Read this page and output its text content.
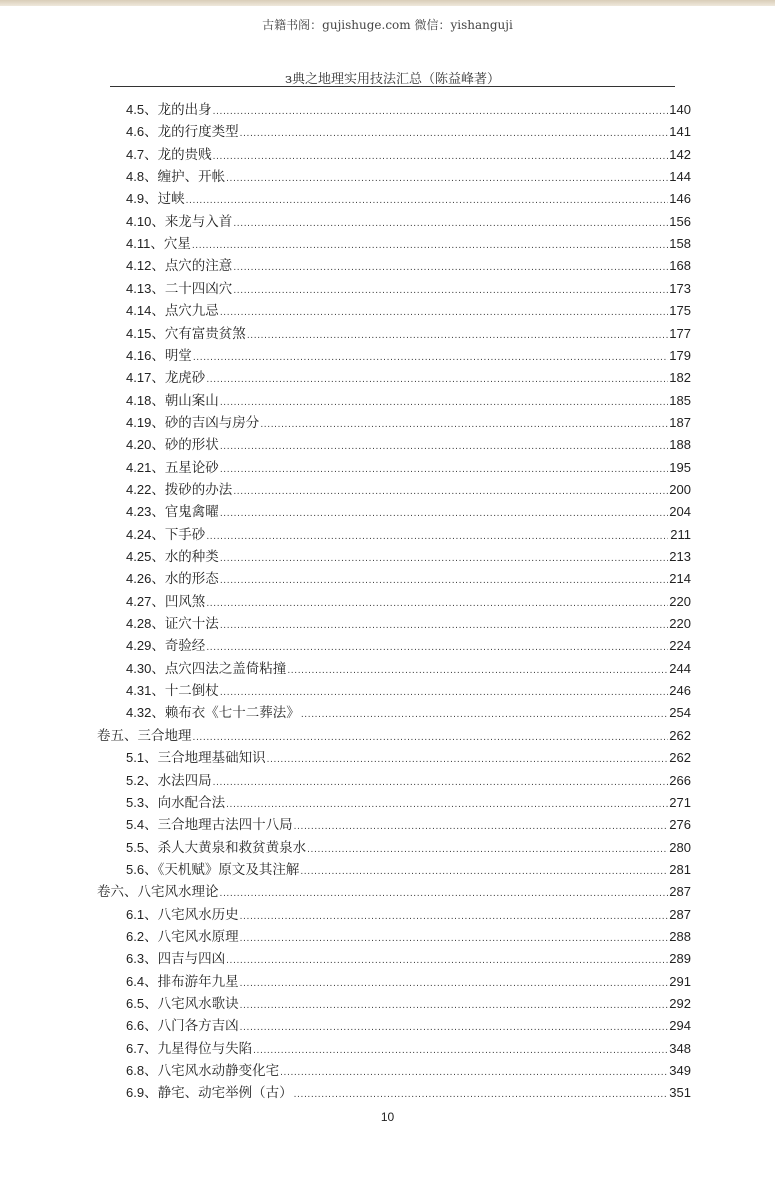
古籍书阁：gujishuge.com 微信：yishanguji
з典之地理实用技法汇总（陈益峰著）
4.5 、 龙的出身 .....	140
4.6 、 龙的行度类型 .....	141
4.7 、 龙的贵贱 .....	142
4.8 、 缠护、开帐 .....	144
4.9 、 过峡 .....	146
4.10 、 来龙与入首 .....	156
4.11 、 穴星 .....	158
4.12 、 点穴的注意 .....	168
4.13 、 二十四凶穴 .....	173
4.14 、 点穴九忌 .....	175
4.15 、 穴有富贵贫煞 .....	177
4.16 、 明堂 .....	179
4.17 、 龙虎砂 .....	182
4.18 、 朝山案山 .....	185
4.19 、 砂的吉凶与房分 .....	187
4.20 、 砂的形状 .....	188
4.21 、 五星论砂 .....	195
4.22 、 拨砂的办法 .....	200
4.23 、 官鬼禽曜 .....	204
4.24 、 下手砂 .....	211
4.25 、 水的种类 .....	213
4.26 、 水的形态 .....	214
4.27 、 凹风煞 .....	220
4.28 、 证穴十法 .....	220
4.29 、 奇验经 .....	224
4.30 、 点穴四法之盖倚粘撞 .....	244
4.31 、 十二倒杖 .....	246
4.32 、 赖布衣《七十二葬法》 .....	254
卷五、三合地理 .....	262
5.1 、 三合地理基础知识 .....	262
5.2 、 水法四局 .....	266
5.3 、 向水配合法 .....	271
5.4 、 三合地理古法四十八局 .....	276
5.5 、 杀人大黄泉和救贫黄泉水 .....	280
5.6 、《天机赋》原文及其注解 .....	281
卷六、八宅风水理论 .....	287
6.1 、 八宅风水历史 .....	287
6.2 、 八宅风水原理 .....	288
6.3 、 四吉与四凶 .....	289
6.4 、 排布游年九星 .....	291
6.5 、 八宅风水歌诀 .....	292
6.6 、 八门各方吉凶 .....	294
6.7 、 九星得位与失陷 .....	348
6.8 、 八宅风水动静变化宅 .....	349
6.9 、 静宅、动宅举例（古） .....	351
10
